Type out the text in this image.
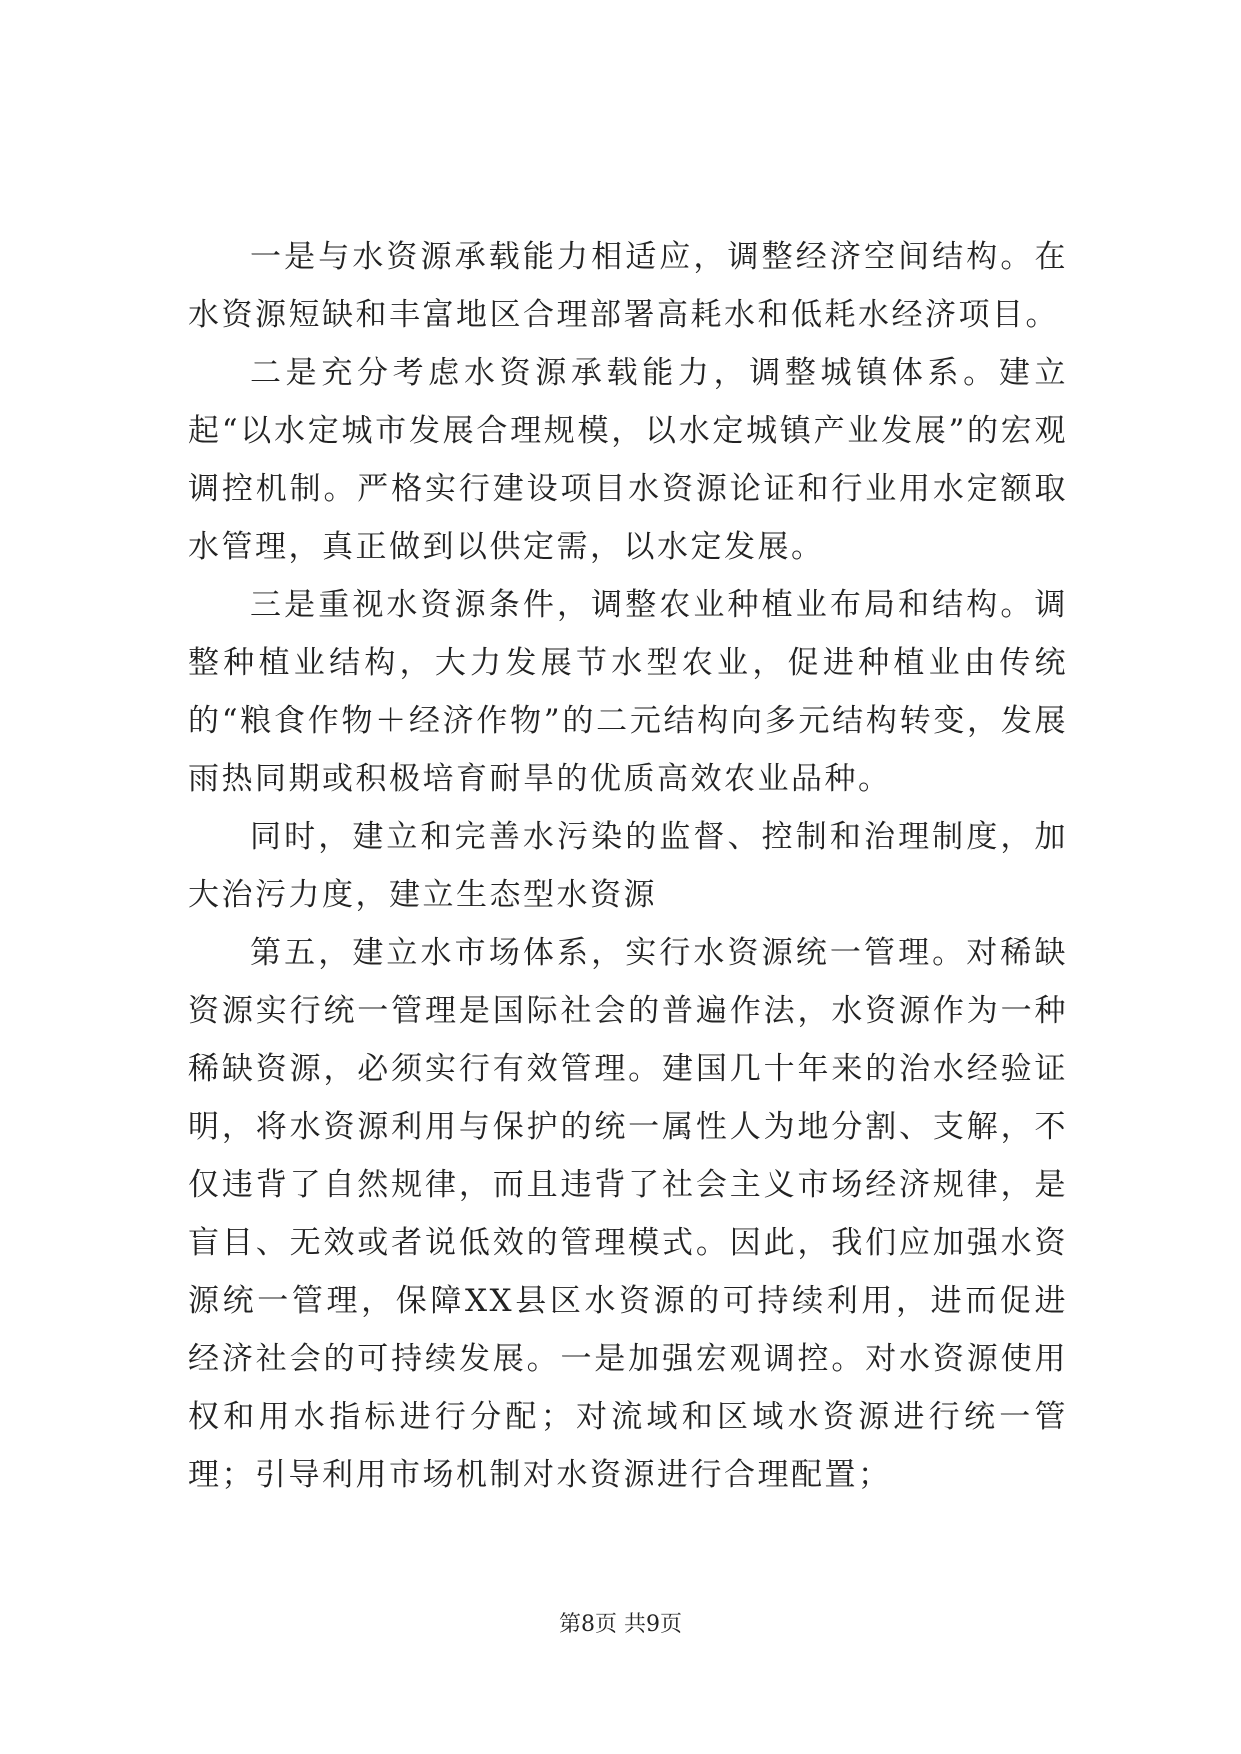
一是与水资源承载能力相适应，调整经济空间结构。在水资源短缺和丰富地区合理部署高耗水和低耗水经济项目。

二是充分考虑水资源承载能力，调整城镇体系。建立起“以水定城市发展合理规模，以水定城镇产业发展”的宏观调控机制。严格实行建设项目水资源论证和行业用水定额取水管理，真正做到以供定需，以水定发展。

三是重视水资源条件，调整农业种植业布局和结构。调整种植业结构，大力发展节水型农业，促进种植业由传统的“粮食作物＋经济作物”的二元结构向多元结构转变，发展雨热同期或积极培育耐旱的优质高效农业品种。

同时，建立和完善水污染的监督、控制和治理制度，加大治污力度，建立生态型水资源

第五，建立水市场体系，实行水资源统一管理。对稀缺资源实行统一管理是国际社会的普遍作法，水资源作为一种稀缺资源，必须实行有效管理。建国几十年来的治水经验证明，将水资源利用与保护的统一属性人为地分割、支解，不仅违背了自然规律，而且违背了社会主义市场经济规律，是盲目、无效或者说低效的管理模式。因此，我们应加强水资源统一管理，保障XX县区水资源的可持续利用，进而促进经济社会的可持续发展。一是加强宏观调控。对水资源使用权和用水指标进行分配；对流域和区域水资源进行统一管理；引导利用市场机制对水资源进行合理配置；

第8页 共9页
